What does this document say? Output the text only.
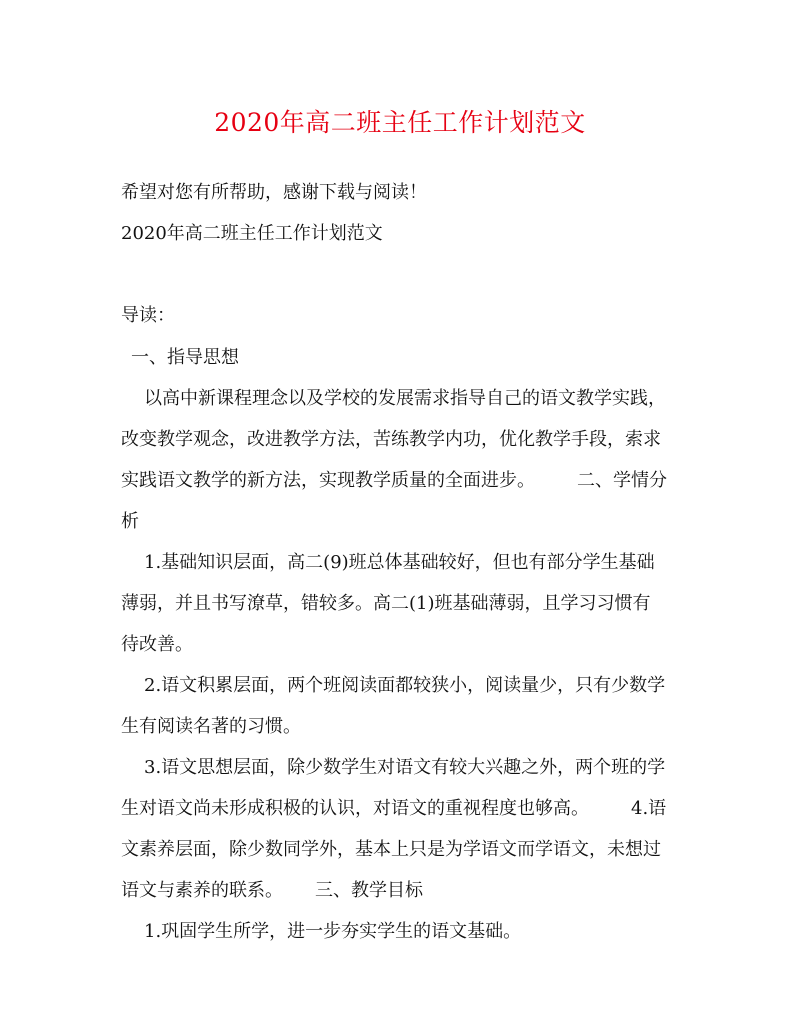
2020年高二班主任工作计划范文
希望对您有所帮助，感谢下载与阅读！
2020年高二班主任工作计划范文
导读：
一、指导思想
以高中新课程理念以及学校的发展需求指导自己的语文教学实践，
改变教学观念，改进教学方法，苦练教学内功，优化教学手段，索求
实践语文教学的新方法，实现教学质量的全面进步。 二、学情分
析
1.基础知识层面，高二(9)班总体基础较好，但也有部分学生基础
薄弱，并且书写潦草，错较多。高二(1)班基础薄弱，且学习习惯有
待改善。
2.语文积累层面，两个班阅读面都较狭小，阅读量少，只有少数学
生有阅读名著的习惯。
3.语文思想层面，除少数学生对语文有较大兴趣之外，两个班的学
生对语文尚未形成积极的认识，对语文的重视程度也够高。 4.语
文素养层面，除少数同学外，基本上只是为学语文而学语文，未想过
语文与素养的联系。 三、教学目标
1.巩固学生所学，进一步夯实学生的语文基础。
